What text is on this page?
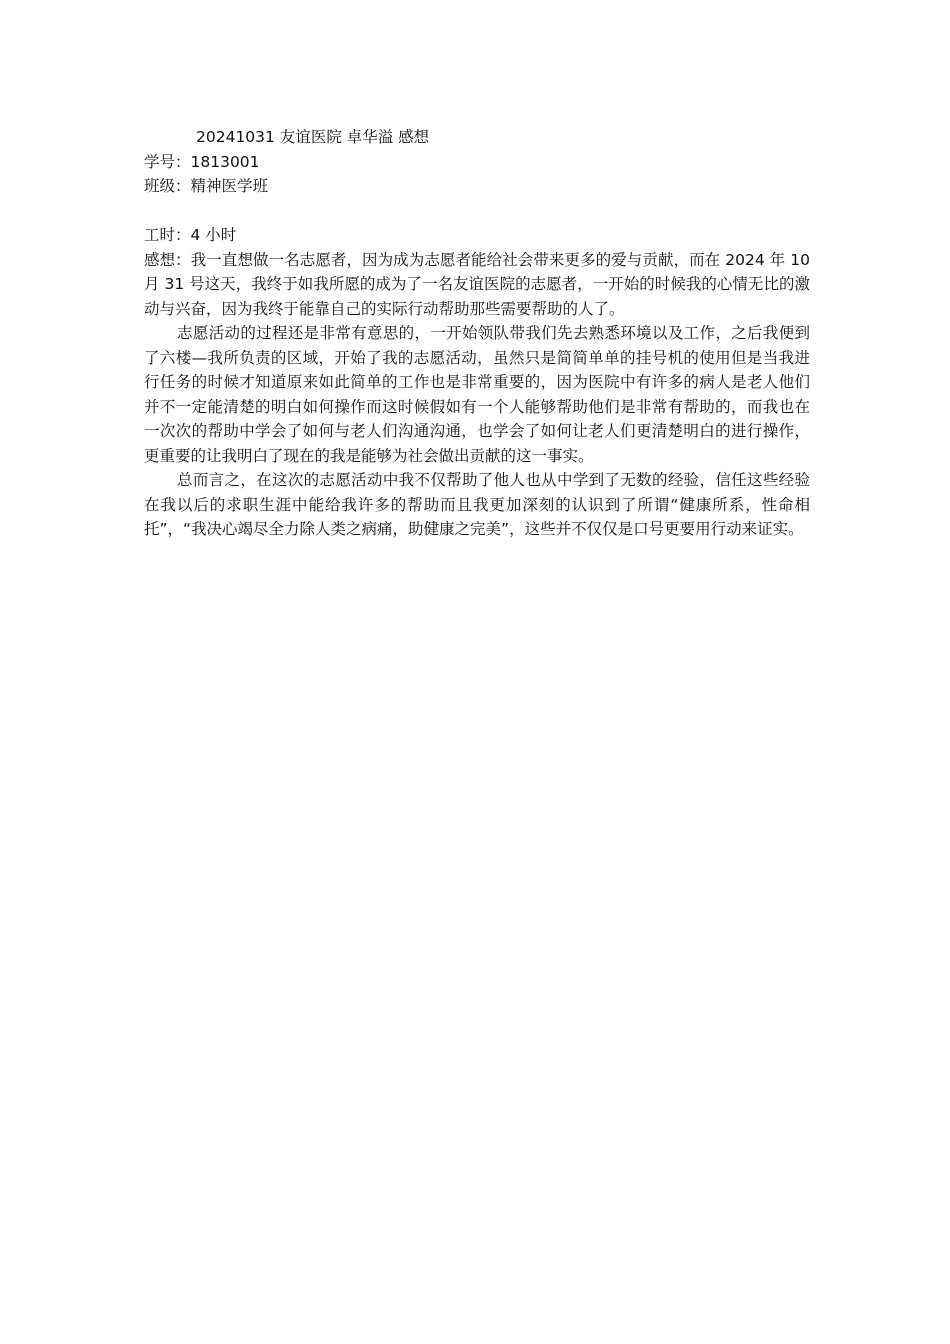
20241031 友谊医院 卓华溢 感想

学号：1813001

班级：精神医学班

工时：4 小时

感想：我一直想做一名志愿者，因为成为志愿者能给社会带来更多的爱与贡献，而在 2024 年 10 月 31 号这天，我终于如我所愿的成为了一名友谊医院的志愿者，一开始的时候我的心情无比的激动与兴奋，因为我终于能靠自己的实际行动帮助那些需要帮助的人了。

志愿活动的过程还是非常有意思的，一开始领队带我们先去熟悉环境以及工作，之后我便到了六楼—我所负责的区域，开始了我的志愿活动，虽然只是简简单单的挂号机的使用但是当我进行任务的时候才知道原来如此简单的工作也是非常重要的，因为医院中有许多的病人是老人他们并不一定能清楚的明白如何操作而这时候假如有一个人能够帮助他们是非常有帮助的，而我也在一次次的帮助中学会了如何与老人们沟通沟通，也学会了如何让老人们更清楚明白的进行操作，更重要的让我明白了现在的我是能够为社会做出贡献的这一事实。

总而言之，在这次的志愿活动中我不仅帮助了他人也从中学到了无数的经验，信任这些经验在我以后的求职生涯中能给我许多的帮助而且我更加深刻的认识到了所谓“健康所系，性命相托”，“我决心竭尽全力除人类之病痛，助健康之完美”，这些并不仅仅是口号更要用行动来证实。
